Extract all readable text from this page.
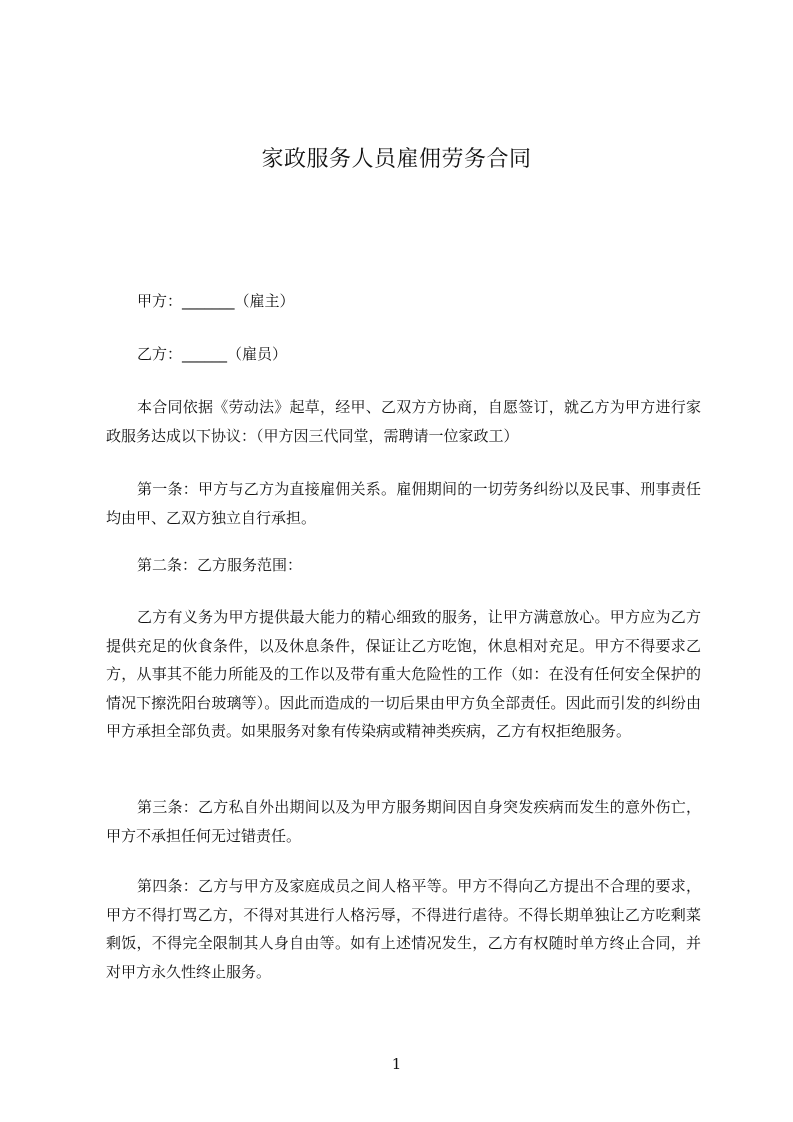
家政服务人员雇佣劳务合同

甲方：_______（雇主）

乙方：______（雇员）

本合同依据《劳动法》起草，经甲、乙双方方协商，自愿签订，就乙方为甲方进行家政服务达成以下协议：（甲方因三代同堂，需聘请一位家政工）

第一条：甲方与乙方为直接雇佣关系。雇佣期间的一切劳务纠纷以及民事、刑事责任均由甲、乙双方独立自行承担。

第二条：乙方服务范围：

乙方有义务为甲方提供最大能力的精心细致的服务，让甲方满意放心。甲方应为乙方提供充足的伙食条件，以及休息条件，保证让乙方吃饱，休息相对充足。甲方不得要求乙方，从事其不能力所能及的工作以及带有重大危险性的工作（如：在没有任何安全保护的情况下擦洗阳台玻璃等）。因此而造成的一切后果由甲方负全部责任。因此而引发的纠纷由甲方承担全部负责。如果服务对象有传染病或精神类疾病，乙方有权拒绝服务。

第三条：乙方私自外出期间以及为甲方服务期间因自身突发疾病而发生的意外伤亡，甲方不承担任何无过错责任。

第四条：乙方与甲方及家庭成员之间人格平等。甲方不得向乙方提出不合理的要求，甲方不得打骂乙方，不得对其进行人格污辱，不得进行虐待。不得长期单独让乙方吃剩菜剩饭，不得完全限制其人身自由等。如有上述情况发生，乙方有权随时单方终止合同，并对甲方永久性终止服务。

1
